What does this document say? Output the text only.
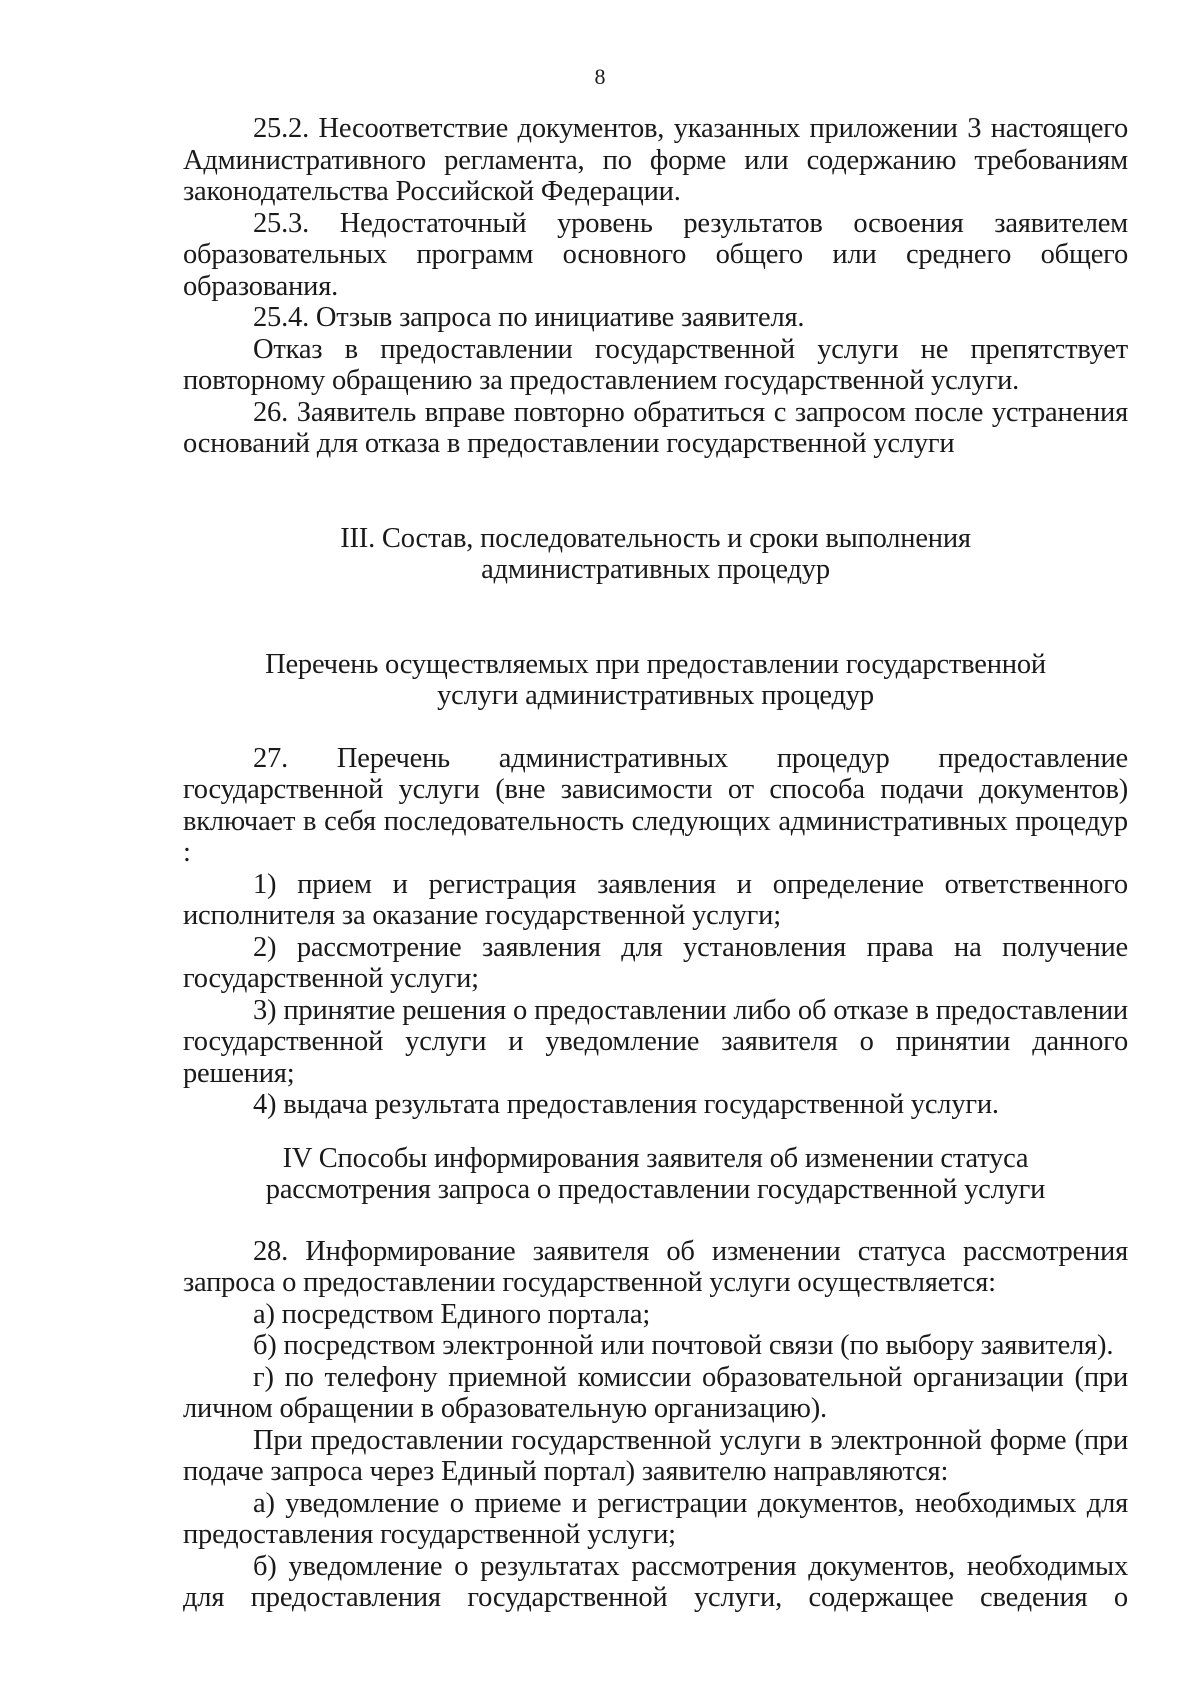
8

25.2. Несоответствие документов, указанных приложении 3 настоящего Административного регламента, по форме или содержанию требованиям законодательства Российской Федерации.

25.3. Недостаточный уровень результатов освоения заявителем образовательных программ основного общего или среднего общего образования.

25.4. Отзыв запроса по инициативе заявителя.

Отказ в предоставлении государственной услуги не препятствует повторному обращению за предоставлением государственной услуги.

26. Заявитель вправе повторно обратиться с запросом после устранения оснований для отказа в предоставлении государственной услуги

III. Состав, последовательность и сроки выполнения
административных процедур
Перечень осуществляемых при предоставлении государственной
услуги административных процедур

27. Перечень административных процедур предоставление государственной услуги (вне зависимости от способа подачи документов) включает в себя последовательность следующих административных процедур :

1) прием и регистрация заявления и определение ответственного исполнителя за оказание государственной услуги;

2) рассмотрение заявления для установления права на получение государственной услуги;

3) принятие решения о предоставлении либо об отказе в предоставлении государственной услуги и уведомление заявителя о принятии данного решения;

4) выдача результата предоставления государственной услуги.

IV Способы информирования заявителя об изменении статуса
рассмотрения запроса о предоставлении государственной услуги

28. Информирование заявителя об изменении статуса рассмотрения запроса о предоставлении государственной услуги осуществляется:

а) посредством Единого портала;

б) посредством электронной или почтовой связи (по выбору заявителя).

г) по телефону приемной комиссии образовательной организации (при личном обращении в образовательную организацию).

При предоставлении государственной услуги в электронной форме (при подаче запроса через Единый портал) заявителю направляются:

а) уведомление о приеме и регистрации документов, необходимых для предоставления государственной услуги;

б) уведомление о результатах рассмотрения документов, необходимых для предоставления государственной услуги, содержащее сведения о
